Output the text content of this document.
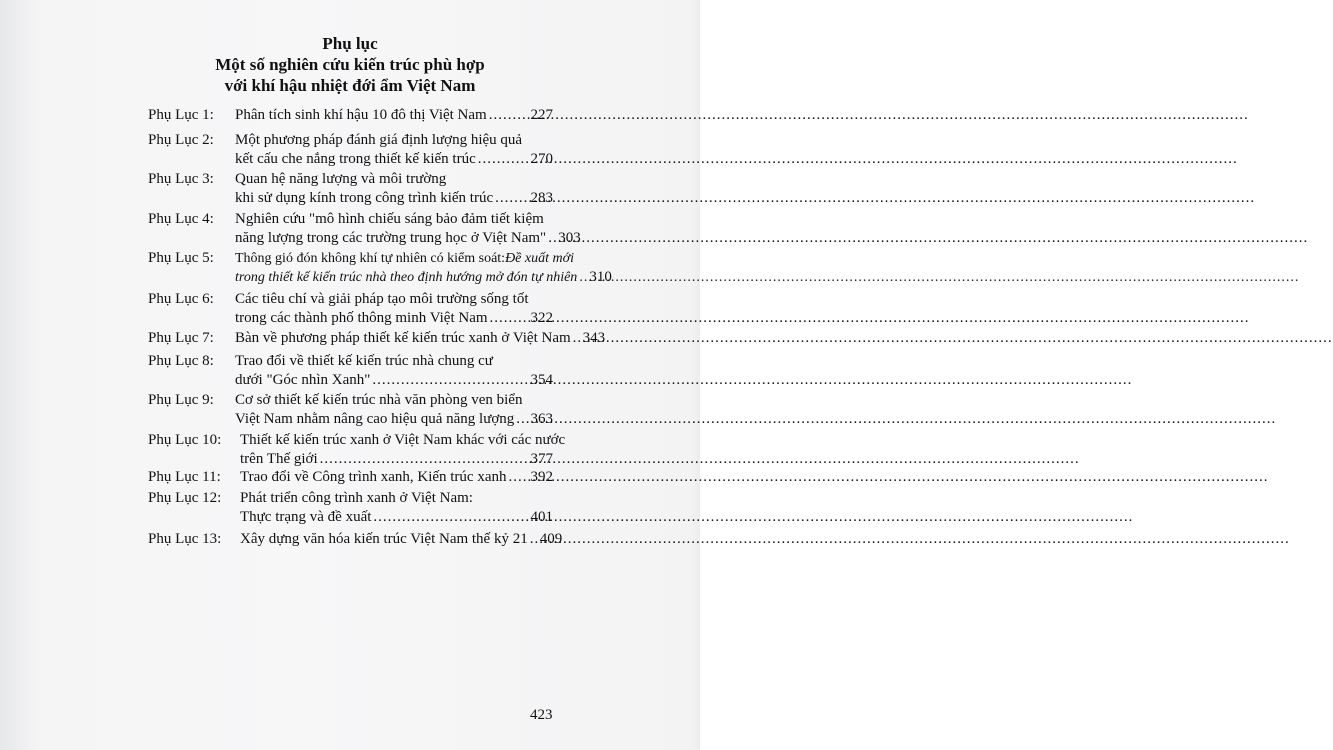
Phụ lục
Một số nghiên cứu kiến trúc phù hợp
với khí hậu nhiệt đới ẩm Việt Nam
Phụ Lục 1: Phân tích sinh khí hậu 10 đô thị Việt Nam .....	227
Phụ Lục 2: Một phương pháp đánh giá định lượng hiệu quả
kết cấu che nắng trong thiết kế kiến trúc .....	270
Phụ Lục 3: Quan hệ năng lượng và môi trường
khi sử dụng kính trong công trình kiến trúc ..... 283
Phụ Lục 4: Nghiên cứu "mô hình chiếu sáng bảo đảm tiết kiệm
năng lượng trong các trường trung học ở Việt Nam" ..... 303
Phụ Lục 5: Thông gió đón không khí tự nhiên có kiểm soát: Đề xuất mới
trong thiết kế kiến trúc nhà theo định hướng mở đón tự nhiên ..... 310
Phụ Lục 6: Các tiêu chí và giải pháp tạo môi trường sống tốt
trong các thành phố thông minh Việt Nam .....	322
Phụ Lục 7: Bàn về phương pháp thiết kế kiến trúc xanh ở Việt Nam ..... 343
Phụ Lục 8: Trao đổi về thiết kế kiến trúc nhà chung cư
dưới "Góc nhìn Xanh" .....	354
Phụ Lục 9: Cơ sở thiết kế kiến trúc nhà văn phòng ven biển
Việt Nam nhằm nâng cao hiệu quả năng lượng ..... 363
Phụ Lục 10: Thiết kế kiến trúc xanh ở Việt Nam khác với các nước
trên Thế giới .....	377
Phụ Lục 11: Trao đổi về Công trình xanh, Kiến trúc xanh ..... 392
Phụ Lục 12: Phát triển công trình xanh ở Việt Nam:
Thực trạng và đề xuất .....	401
Phụ Lục 13: Xây dựng văn hóa kiến trúc Việt Nam thế kỷ 21 ..... 409
423
